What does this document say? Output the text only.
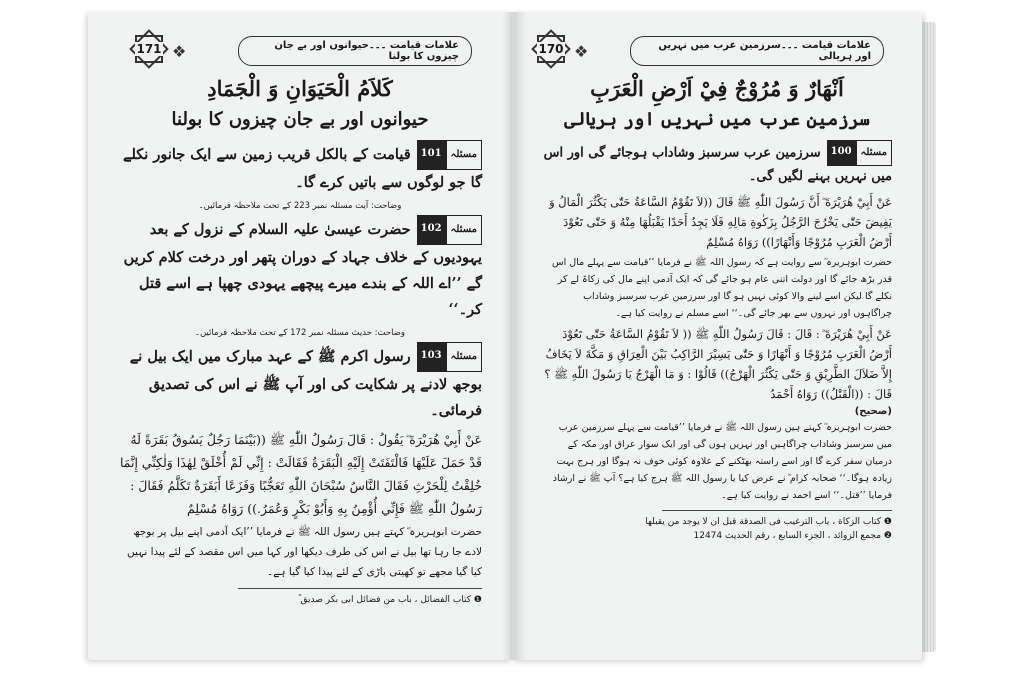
171 ❖	علامات قیامت ۔۔۔حیوانوں اور بے جان چیزوں کا بولنا

كَلاَمُ الْحَيَوَانِ وَ الْجَمَادِ

حیوانوں اور بے جان چیزوں کا بولنا

مسئلہ
101
قیامت کے بالکل قریب زمین سے ایک جانور نکلے گا جو لوگوں سے باتیں کرے گا۔

وضاحت: آیت مسئلہ نمبر 223 کے تحت ملاحظہ فرمائیں۔

مسئلہ
102
حضرت عیسیٰ علیہ السلام کے نزول کے بعد یہودیوں کے خلاف جہاد کے دوران پتھر اور درخت کلام کریں گے ’’اے اللہ کے بندے میرے پیچھے یہودی چھپا ہے اسے قتل کر۔‘‘

وضاحت: حدیث مسئلہ نمبر 172 کے تحت ملاحظہ فرمائیں۔

مسئلہ
103
رسول اکرم ﷺ کے عہد مبارک میں ایک بیل نے بوجھ لادنے پر شکایت کی اور آپ ﷺ نے اس کی تصدیق فرمائی۔

عَنْ أَبِيْ هُرَيْرَةَ ؓ يَقُولُ : قَالَ رَسُولُ اللّٰهِ ﷺ ((بَيْنَمَا رَجُلٌ يَسُوقُ بَقَرَةً لَهُ قَدْ حَمَلَ عَلَيْهَا فَالْتَفَتَتْ إِلَيْهِ الْبَقَرَةُ فَقَالَتْ : إِنِّي لَمْ أُخْلَقْ لِهٰذَا وَلٰكِنِّي إِنَّمَا خُلِقْتُ لِلْحَرْثِ فَقَالَ النَّاسُ سُبْحَانَ اللّٰهِ تَعَجُّبًا وَفَزَعًا أَبَقَرَةٌ تَكَلَّمُ فَقَالَ : رَسُولُ اللّٰهِ ﷺ فَإِنِّي أُؤْمِنُ بِهِ وَأَبُوْ بَكْرٍ وَعُمَرُ.)) رَوَاهُ مُسْلِمٌ

حضرت ابوہریرہ ؓ کہتے ہیں رسول اللہ ﷺ نے فرمایا ’’ایک آدمی اپنے بیل پر بوجھ لادے جا رہا تھا بیل نے اس کی طرف دیکھا اور کہا میں اس مقصد کے لئے پیدا نہیں کیا گیا مجھے تو کھیتی باڑی کے لئے پیدا کیا گیا ہے۔

❶ كتاب الفضائل ، باب من فضائل ابى بكر صديق ؓ

170 ❖	علامات قیامت ۔۔۔سرزمین عرب میں نہریں اور ہریالی

اَنْهَارٌ وَ مُرُوْجٌ فِيْ اَرْضِ الْعَرَبِ

سرزمین عرب میں نہریں اور ہریالی

مسئلہ
100
سرزمین عرب سرسبز وشاداب ہوجائے گی اور اس میں نہریں بہنے لگیں گی۔

عَنْ أَبِيْ هُرَيْرَةَ ؓ أَنَّ رَسُولَ اللّٰهِ ﷺ قَالَ ((لاَ تَقُوْمُ السَّاعَةُ حَتّٰى يَكْثُرَ الْمَالُ وَ يَفِيضَ حَتّٰى يَخْرُجَ الرَّجُلُ بِزَكٰوةِ مَالِهِ فَلَا يَجِدُ أَحَدًا يَقْبَلُهَا مِنْهُ وَ حَتّٰى تَعُوْدَ أَرْضُ الْعَرَبِ مُرُوْجًا وَأَنْهَارًا)) رَوَاهُ مُسْلِمٌ

حضرت ابوہریرہ ؓ سے روایت ہے کہ رسول اللہ ﷺ نے فرمایا ’’قیامت سے پہلے مال اس قدر بڑھ جائے گا اور دولت اتنی عام ہو جائے گی کہ ایک آدمی اپنے مال کی زکاۃ لے کر نکلے گا لیکن اسے لینے والا کوئی نہیں ہو گا اور سرزمین عرب سرسبز وشاداب چراگاہوں اور نہروں سے بھر جائے گی۔‘‘ اسے مسلم نے روایت کیا ہے۔

عَنْ أَبِيْ هُرَيْرَةَ ؓ : قَالَ : قَالَ رَسُولُ اللّٰهِ ﷺ (( لاَ تَقُوْمُ السَّاعَةُ حَتّٰى تَعُوْدَ أَرْضُ الْعَرَبِ مُرُوْجًا وَ أَنْهَارًا وَ حَتّٰى يَسِيْرَ الرَّاكِبُ بَيْنَ الْعِرَاقِ وَ مَكَّةَ لاَ يَخَافُ إِلاَّ ضَلاَلَ الطَّرِيْقِ وَ حَتّٰى يَكْثُرَ الْهَرْجُ)) قَالُوْا : وَ مَا الْهَرْجُ يَا رَسُولَ اللّٰهِ ﷺ ؟ قَالَ : ((الْقَتْلُ)) رَوَاهُ أَحْمَدُ

(صحیح)

حضرت ابوہریرہ ؓ کہتے ہیں رسول اللہ ﷺ نے فرمایا ’’قیامت سے پہلے سرزمین عرب میں سرسبز وشاداب چراگاہیں اور نہریں ہوں گی اور ایک سوار عراق اور مکہ کے درمیان سفر کرے گا اور اسے راستہ بھٹکنے کے علاوہ کوئی خوف نہ ہوگا اور ہرج بہت زیادہ ہوگا۔‘‘ صحابہ کرام ؓ نے عرض کیا یا رسول اللہ ﷺ ہرج کیا ہے؟ آپ ﷺ نے ارشاد فرمایا ’’قتل۔‘‘ اسے احمد نے روایت کیا ہے۔

❶ كتاب الزكاة ، باب الترغيب فى الصدقة قبل ان لا يوجد من يقبلها

❷ مجمع الزوائد ، الجزء السابع ، رقم الحديث 12474
